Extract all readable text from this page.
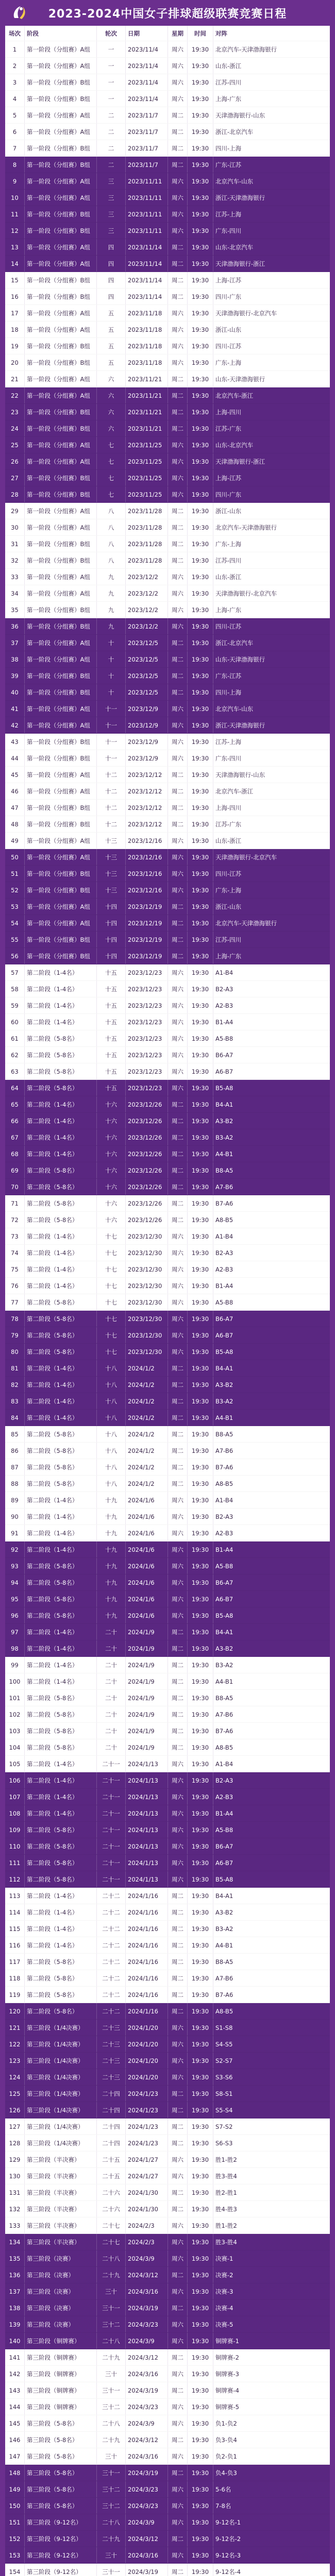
2023-2024中国女子排球超级联赛竞赛日程
场次	阶段	轮次	日期	星期	时间	对阵
1	第一阶段（分组赛）A组	一	2023/11/4	周六	19:30	北京汽车-天津渤海银行
2	第一阶段（分组赛）A组	一	2023/11/4	周六	19:30	山东-浙江
3	第一阶段（分组赛）B组	一	2023/11/4	周六	19:30	江苏-四川
4	第一阶段（分组赛）B组	一	2023/11/4	周六	19:30	上海-广东
5	第一阶段（分组赛）A组	二	2023/11/7	周二	19:30	天津渤海银行-山东
6	第一阶段（分组赛）A组	二	2023/11/7	周二	19:30	浙江-北京汽车
7	第一阶段（分组赛）B组	二	2023/11/7	周二	19:30	四川-上海
8	第一阶段（分组赛）B组	二	2023/11/7	周二	19:30	广东-江苏
9	第一阶段（分组赛）A组	三	2023/11/11	周六	19:30	北京汽车-山东
10	第一阶段（分组赛）A组	三	2023/11/11	周六	19:30	浙江-天津渤海银行
11	第一阶段（分组赛）B组	三	2023/11/11	周六	19:30	江苏-上海
12	第一阶段（分组赛）B组	三	2023/11/11	周六	19:30	广东-四川
13	第一阶段（分组赛）A组	四	2023/11/14	周二	19:30	山东-北京汽车
14	第一阶段（分组赛）A组	四	2023/11/14	周二	19:30	天津渤海银行-浙江
15	第一阶段（分组赛）B组	四	2023/11/14	周二	19:30	上海-江苏
16	第一阶段（分组赛）B组	四	2023/11/14	周二	19:30	四川-广东
17	第一阶段（分组赛）A组	五	2023/11/18	周六	19:30	天津渤海银行-北京汽车
18	第一阶段（分组赛）A组	五	2023/11/18	周六	19:30	浙江-山东
19	第一阶段（分组赛）B组	五	2023/11/18	周六	19:30	四川-江苏
20	第一阶段（分组赛）B组	五	2023/11/18	周六	19:30	广东-上海
21	第一阶段（分组赛）A组	六	2023/11/21	周二	19:30	山东-天津渤海银行
22	第一阶段（分组赛）A组	六	2023/11/21	周二	19:30	北京汽车-浙江
23	第一阶段（分组赛）B组	六	2023/11/21	周二	19:30	上海-四川
24	第一阶段（分组赛）B组	六	2023/11/21	周二	19:30	江苏-广东
25	第一阶段（分组赛）A组	七	2023/11/25	周六	19:30	山东-北京汽车
26	第一阶段（分组赛）A组	七	2023/11/25	周六	19:30	天津渤海银行-浙江
27	第一阶段（分组赛）B组	七	2023/11/25	周六	19:30	上海-江苏
28	第一阶段（分组赛）B组	七	2023/11/25	周六	19:30	四川-广东
29	第一阶段（分组赛）A组	八	2023/11/28	周二	19:30	浙江-山东
30	第一阶段（分组赛）A组	八	2023/11/28	周二	19:30	北京汽车-天津渤海银行
31	第一阶段（分组赛）B组	八	2023/11/28	周二	19:30	广东-上海
32	第一阶段（分组赛）B组	八	2023/11/28	周二	19:30	江苏-四川
33	第一阶段（分组赛）A组	九	2023/12/2	周六	19:30	山东-浙江
34	第一阶段（分组赛）A组	九	2023/12/2	周六	19:30	天津渤海银行-北京汽车
35	第一阶段（分组赛）B组	九	2023/12/2	周六	19:30	上海-广东
36	第一阶段（分组赛）B组	九	2023/12/2	周六	19:30	四川-江苏
37	第一阶段（分组赛）A组	十	2023/12/5	周二	19:30	浙江-北京汽车
38	第一阶段（分组赛）A组	十	2023/12/5	周二	19:30	山东-天津渤海银行
39	第一阶段（分组赛）B组	十	2023/12/5	周二	19:30	广东-江苏
40	第一阶段（分组赛）B组	十	2023/12/5	周二	19:30	四川-上海
41	第一阶段（分组赛）A组	十一	2023/12/9	周六	19:30	北京汽车-山东
42	第一阶段（分组赛）A组	十一	2023/12/9	周六	19:30	浙江-天津渤海银行
43	第一阶段（分组赛）B组	十一	2023/12/9	周六	19:30	江苏-上海
44	第一阶段（分组赛）B组	十一	2023/12/9	周六	19:30	广东-四川
45	第一阶段（分组赛）A组	十二	2023/12/12	周二	19:30	天津渤海银行-山东
46	第一阶段（分组赛）A组	十二	2023/12/12	周二	19:30	北京汽车-浙江
47	第一阶段（分组赛）B组	十二	2023/12/12	周二	19:30	上海-四川
48	第一阶段（分组赛）B组	十二	2023/12/12	周二	19:30	江苏-广东
49	第一阶段（分组赛）A组	十三	2023/12/16	周六	19:30	山东-浙江
50	第一阶段（分组赛）A组	十三	2023/12/16	周六	19:30	天津渤海银行-北京汽车
51	第一阶段（分组赛）B组	十三	2023/12/16	周六	19:30	四川-江苏
52	第一阶段（分组赛）B组	十三	2023/12/16	周六	19:30	广东-上海
53	第一阶段（分组赛）A组	十四	2023/12/19	周二	19:30	浙江-山东
54	第一阶段（分组赛）A组	十四	2023/12/19	周二	19:30	北京汽车-天津渤海银行
55	第一阶段（分组赛）B组	十四	2023/12/19	周二	19:30	江苏-四川
56	第一阶段（分组赛）B组	十四	2023/12/19	周二	19:30	上海-广东
57	第二阶段（1-4名）	十五	2023/12/23	周六	19:30	A1-B4
58	第二阶段（1-4名）	十五	2023/12/23	周六	19:30	B2-A3
59	第二阶段（1-4名）	十五	2023/12/23	周六	19:30	A2-B3
60	第二阶段（1-4名）	十五	2023/12/23	周六	19:30	B1-A4
61	第二阶段（5-8名）	十五	2023/12/23	周六	19:30	A5-B8
62	第二阶段（5-8名）	十五	2023/12/23	周六	19:30	B6-A7
63	第二阶段（5-8名）	十五	2023/12/23	周六	19:30	A6-B7
64	第二阶段（5-8名）	十五	2023/12/23	周六	19:30	B5-A8
65	第二阶段（1-4名）	十六	2023/12/26	周二	19:30	B4-A1
66	第二阶段（1-4名）	十六	2023/12/26	周二	19:30	A3-B2
67	第二阶段（1-4名）	十六	2023/12/26	周二	19:30	B3-A2
68	第二阶段（1-4名）	十六	2023/12/26	周二	19:30	A4-B1
69	第二阶段（5-8名）	十六	2023/12/26	周二	19:30	B8-A5
70	第二阶段（5-8名）	十六	2023/12/26	周二	19:30	A7-B6
71	第二阶段（5-8名）	十六	2023/12/26	周二	19:30	B7-A6
72	第二阶段（5-8名）	十六	2023/12/26	周二	19:30	A8-B5
73	第二阶段（1-4名）	十七	2023/12/30	周六	19:30	A1-B4
74	第二阶段（1-4名）	十七	2023/12/30	周六	19:30	B2-A3
75	第二阶段（1-4名）	十七	2023/12/30	周六	19:30	A2-B3
76	第二阶段（1-4名）	十七	2023/12/30	周六	19:30	B1-A4
77	第二阶段（5-8名）	十七	2023/12/30	周六	19:30	A5-B8
78	第二阶段（5-8名）	十七	2023/12/30	周六	19:30	B6-A7
79	第二阶段（5-8名）	十七	2023/12/30	周六	19:30	A6-B7
80	第二阶段（5-8名）	十七	2023/12/30	周六	19:30	B5-A8
81	第二阶段（1-4名）	十八	2024/1/2	周二	19:30	B4-A1
82	第二阶段（1-4名）	十八	2024/1/2	周二	19:30	A3-B2
83	第二阶段（1-4名）	十八	2024/1/2	周二	19:30	B3-A2
84	第二阶段（1-4名）	十八	2024/1/2	周二	19:30	A4-B1
85	第二阶段（5-8名）	十八	2024/1/2	周二	19:30	B8-A5
86	第二阶段（5-8名）	十八	2024/1/2	周二	19:30	A7-B6
87	第二阶段（5-8名）	十八	2024/1/2	周二	19:30	B7-A6
88	第二阶段（5-8名）	十八	2024/1/2	周二	19:30	A8-B5
89	第二阶段（1-4名）	十九	2024/1/6	周六	19:30	A1-B4
90	第二阶段（1-4名）	十九	2024/1/6	周六	19:30	B2-A3
91	第二阶段（1-4名）	十九	2024/1/6	周六	19:30	A2-B3
92	第二阶段（1-4名）	十九	2024/1/6	周六	19:30	B1-A4
93	第二阶段（5-8名）	十九	2024/1/6	周六	19:30	A5-B8
94	第二阶段（5-8名）	十九	2024/1/6	周六	19:30	B6-A7
95	第二阶段（5-8名）	十九	2024/1/6	周六	19:30	A6-B7
96	第二阶段（5-8名）	十九	2024/1/6	周六	19:30	B5-A8
97	第二阶段（1-4名）	二十	2024/1/9	周二	19:30	B4-A1
98	第二阶段（1-4名）	二十	2024/1/9	周二	19:30	A3-B2
99	第二阶段（1-4名）	二十	2024/1/9	周二	19:30	B3-A2
100	第二阶段（1-4名）	二十	2024/1/9	周二	19:30	A4-B1
101	第二阶段（5-8名）	二十	2024/1/9	周二	19:30	B8-A5
102	第二阶段（5-8名）	二十	2024/1/9	周二	19:30	A7-B6
103	第二阶段（5-8名）	二十	2024/1/9	周二	19:30	B7-A6
104	第二阶段（5-8名）	二十	2024/1/9	周二	19:30	A8-B5
105	第二阶段（1-4名）	二十一	2024/1/13	周六	19:30	A1-B4
106	第二阶段（1-4名）	二十一	2024/1/13	周六	19:30	B2-A3
107	第二阶段（1-4名）	二十一	2024/1/13	周六	19:30	A2-B3
108	第二阶段（1-4名）	二十一	2024/1/13	周六	19:30	B1-A4
109	第二阶段（5-8名）	二十一	2024/1/13	周六	19:30	A5-B8
110	第二阶段（5-8名）	二十一	2024/1/13	周六	19:30	B6-A7
111	第二阶段（5-8名）	二十一	2024/1/13	周六	19:30	A6-B7
112	第二阶段（5-8名）	二十一	2024/1/13	周六	19:30	B5-A8
113	第二阶段（1-4名）	二十二	2024/1/16	周二	19:30	B4-A1
114	第二阶段（1-4名）	二十二	2024/1/16	周二	19:30	A3-B2
115	第二阶段（1-4名）	二十二	2024/1/16	周二	19:30	B3-A2
116	第二阶段（1-4名）	二十二	2024/1/16	周二	19:30	A4-B1
117	第二阶段（5-8名）	二十二	2024/1/16	周二	19:30	B8-A5
118	第二阶段（5-8名）	二十二	2024/1/16	周二	19:30	A7-B6
119	第二阶段（5-8名）	二十二	2024/1/16	周二	19:30	B7-A6
120	第二阶段（5-8名）	二十二	2024/1/16	周二	19:30	A8-B5
121	第三阶段（1/4决赛）	二十三	2024/1/20	周六	19:30	S1-S8
122	第三阶段（1/4决赛）	二十三	2024/1/20	周六	19:30	S4-S5
123	第三阶段（1/4决赛）	二十三	2024/1/20	周六	19:30	S2-S7
124	第三阶段（1/4决赛）	二十三	2024/1/20	周六	19:30	S3-S6
125	第三阶段（1/4决赛）	二十四	2024/1/23	周二	19:30	S8-S1
126	第三阶段（1/4决赛）	二十四	2024/1/23	周二	19:30	S5-S4
127	第三阶段（1/4决赛）	二十四	2024/1/23	周二	19:30	S7-S2
128	第三阶段（1/4决赛）	二十四	2024/1/23	周二	19:30	S6-S3
129	第三阶段（半决赛）	二十五	2024/1/27	周六	19:30	胜1-胜2
130	第三阶段（半决赛）	二十五	2024/1/27	周六	19:30	胜3-胜4
131	第三阶段（半决赛）	二十六	2024/1/30	周二	19:30	胜2-胜1
132	第三阶段（半决赛）	二十六	2024/1/30	周二	19:30	胜4-胜3
133	第三阶段（半决赛）	二十七	2024/2/3	周六	19:30	胜1-胜2
134	第三阶段（半决赛）	二十七	2024/2/3	周六	19:30	胜3-胜4
135	第三阶段（决赛）	二十八	2024/3/9	周六	19:30	决赛-1
136	第三阶段（决赛）	二十九	2024/3/12	周二	19:30	决赛-2
137	第三阶段（决赛）	三十	2024/3/16	周六	19:30	决赛-3
138	第三阶段（决赛）	三十一	2024/3/19	周二	19:30	决赛-4
139	第三阶段（决赛）	三十二	2024/3/23	周六	19:30	决赛-5
140	第三阶段（铜牌赛）	二十八	2024/3/9	周六	19:30	铜牌赛-1
141	第三阶段（铜牌赛）	二十九	2024/3/12	周二	19:30	铜牌赛-2
142	第三阶段（铜牌赛）	三十	2024/3/16	周六	19:30	铜牌赛-3
143	第三阶段（铜牌赛）	三十一	2024/3/19	周二	19:30	铜牌赛-4
144	第三阶段（铜牌赛）	三十二	2024/3/23	周六	19:30	铜牌赛-5
145	第三阶段（5-8名）	二十八	2024/3/9	周六	19:30	负1-负2
146	第三阶段（5-8名）	二十九	2024/3/12	周二	19:30	负3-负4
147	第三阶段（5-8名）	三十	2024/3/16	周六	19:30	负2-负1
148	第三阶段（5-8名）	三十一	2024/3/19	周二	19:30	负4-负3
149	第三阶段（5-8名）	三十二	2024/3/23	周六	19:30	5-6名
150	第三阶段（5-8名）	三十二	2024/3/23	周六	19:30	7-8名
151	第三阶段（9-12名）	二十八	2024/3/9	周六	19:30	9-12名-1
152	第三阶段（9-12名）	二十九	2024/3/12	周二	19:30	9-12名-2
153	第三阶段（9-12名）	三十	2024/3/16	周六	19:30	9-12名-3
154	第三阶段（9-12名）	三十一	2024/3/19	周二	19:30	9-12名-4
